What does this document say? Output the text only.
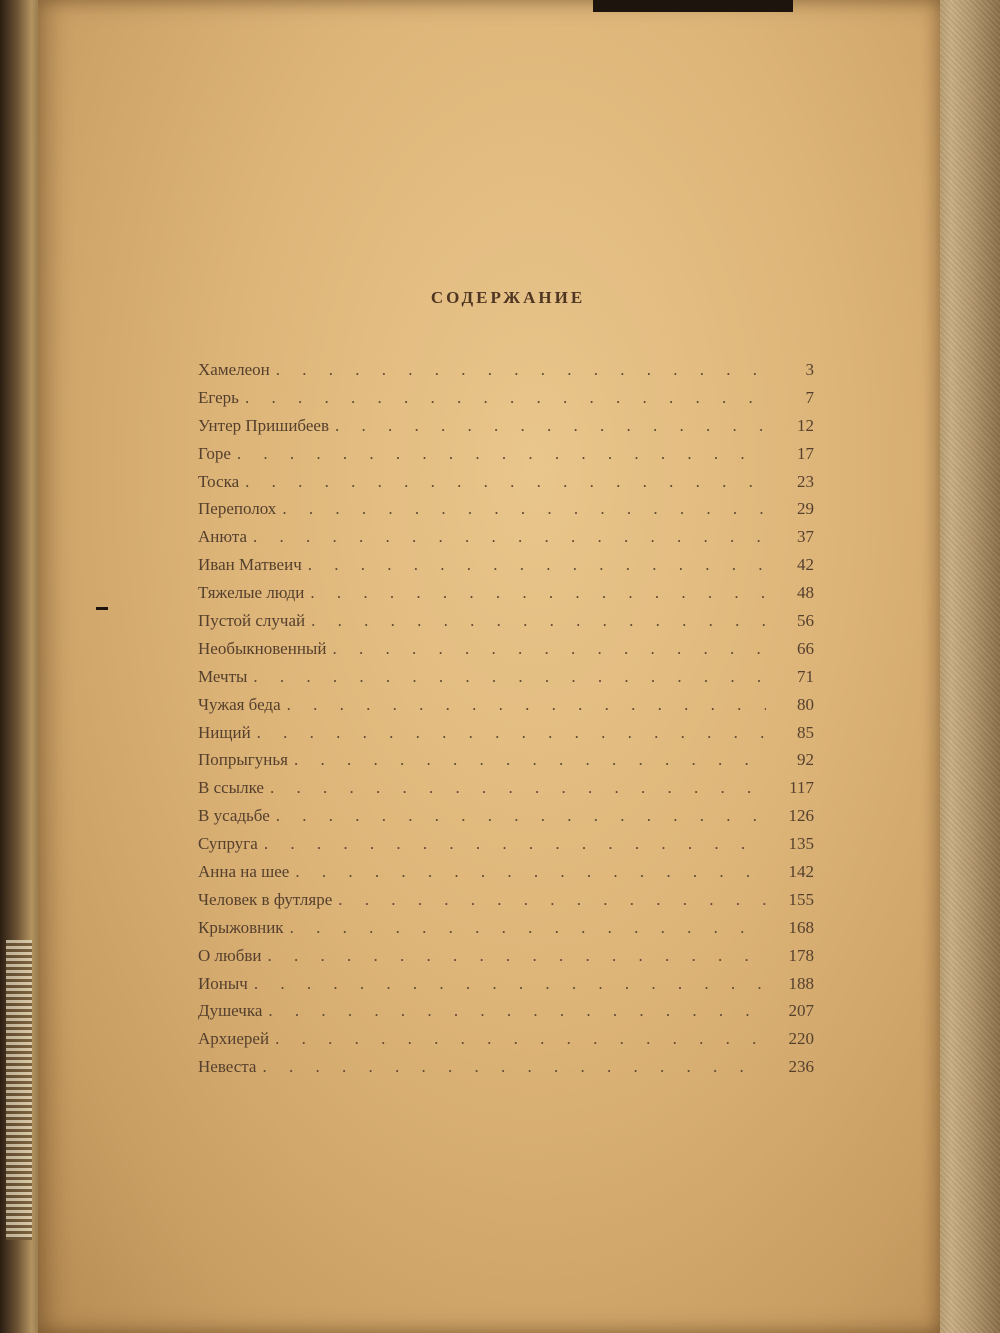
СОДЕРЖАНИЕ
Хамелеон . . .	3
Егерь . . .	7
Унтер Пришибеев . . .	12
Горе . . .	17
Тоска . . .	23
Переполох . . .	29
Анюта . . .	37
Иван Матвеич . . .	42
Тяжелые люди . . .	48
Пустой случай . . .	56
Необыкновенный . . .	66
Мечты . . .	71
Чужая беда . . .	80
Нищий . . .	85
Попрыгунья . . .	92
В ссылке . . .	117
В усадьбе . . .	126
Супруга . . .	135
Анна на шее . . .	142
Человек в футляре . . .	155
Крыжовник . . .	168
О любви . . .	178
Ионыч . . .	188
Душечка . . .	207
Архиерей . . .	220
Невеста . . .	236
